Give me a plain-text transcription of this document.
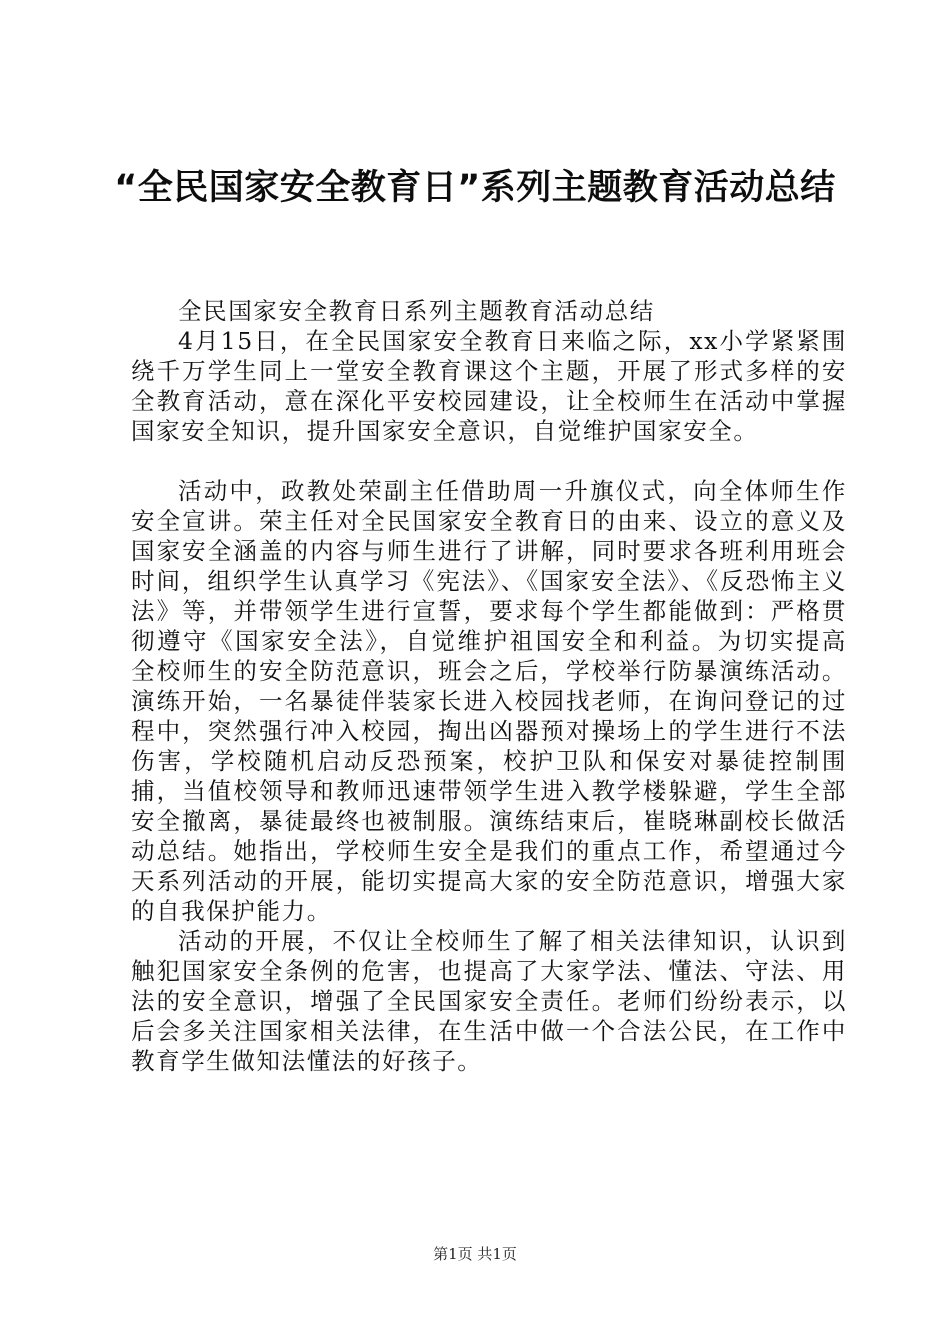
“全民国家安全教育日”系列主题教育活动总结

全民国家安全教育日系列主题教育活动总结

4月15日，在全民国家安全教育日来临之际，xx小学紧紧围绕千万学生同上一堂安全教育课这个主题，开展了形式多样的安全教育活动，意在深化平安校园建设，让全校师生在活动中掌握国家安全知识，提升国家安全意识，自觉维护国家安全。

活动中，政教处荣副主任借助周一升旗仪式，向全体师生作安全宣讲。荣主任对全民国家安全教育日的由来、设立的意义及国家安全涵盖的内容与师生进行了讲解，同时要求各班利用班会时间，组织学生认真学习《宪法》、《国家安全法》、《反恐怖主义法》等，并带领学生进行宣誓，要求每个学生都能做到：严格贯彻遵守《国家安全法》，自觉维护祖国安全和利益。为切实提高全校师生的安全防范意识，班会之后，学校举行防暴演练活动。演练开始，一名暴徒伴装家长进入校园找老师，在询问登记的过程中，突然强行冲入校园，掏出凶器预对操场上的学生进行不法伤害，学校随机启动反恐预案，校护卫队和保安对暴徒控制围捕，当值校领导和教师迅速带领学生进入教学楼躲避，学生全部安全撤离，暴徒最终也被制服。演练结束后，崔晓琳副校长做活动总结。她指出，学校师生安全是我们的重点工作，希望通过今天系列活动的开展，能切实提高大家的安全防范意识，增强大家的自我保护能力。

活动的开展，不仅让全校师生了解了相关法律知识，认识到触犯国家安全条例的危害，也提高了大家学法、懂法、守法、用法的安全意识，增强了全民国家安全责任。老师们纷纷表示，以后会多关注国家相关法律，在生活中做一个合法公民，在工作中教育学生做知法懂法的好孩子。

第1页 共1页
